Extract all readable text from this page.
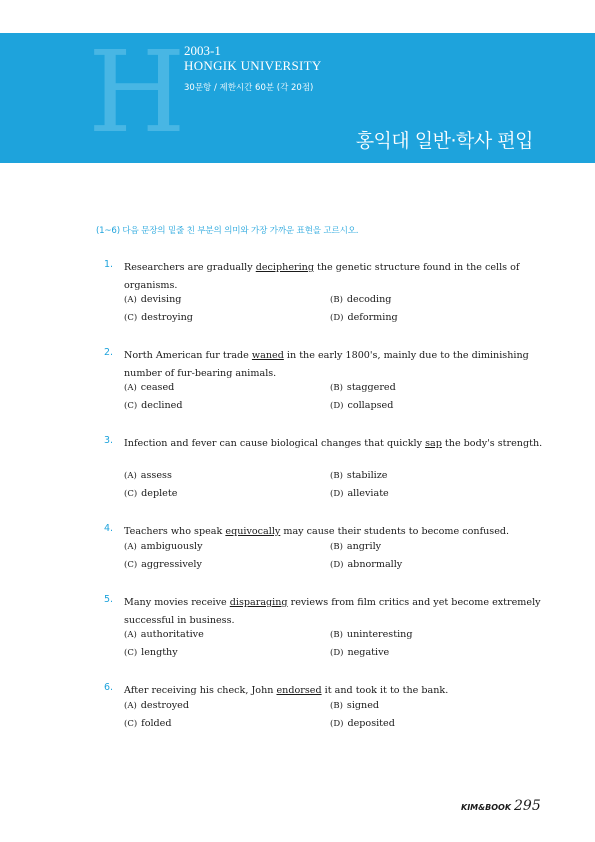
H
2003-1
HONGIK UNIVERSITY
30문항 / 제한시간 60분 (각 20점)
홍익대 일반·학사 편입
(1~6) 다음 문장의 밑줄 친 부분의 의미와 가장 가까운 표현을 고르시오.
1. Researchers are gradually deciphering the genetic structure found in the cells of organisms.
(A) devising	(B) decoding
(C) destroying	(D) deforming
2. North American fur trade waned in the early 1800's, mainly due to the diminishing number of fur-bearing animals.
(A) ceased	(B) staggered
(C) declined	(D) collapsed
3. Infection and fever can cause biological changes that quickly sap the body's strength.
(A) assess	(B) stabilize
(C) deplete	(D) alleviate
4. Teachers who speak equivocally may cause their students to become confused.
(A) ambiguously	(B) angrily
(C) aggressively	(D) abnormally
5. Many movies receive disparaging reviews from film critics and yet become extremely successful in business.
(A) authoritative	(B) uninteresting
(C) lengthy	(D) negative
6. After receiving his check, John endorsed it and took it to the bank.
(A) destroyed	(B) signed
(C) folded	(D) deposited
KIM&BOOK 295
